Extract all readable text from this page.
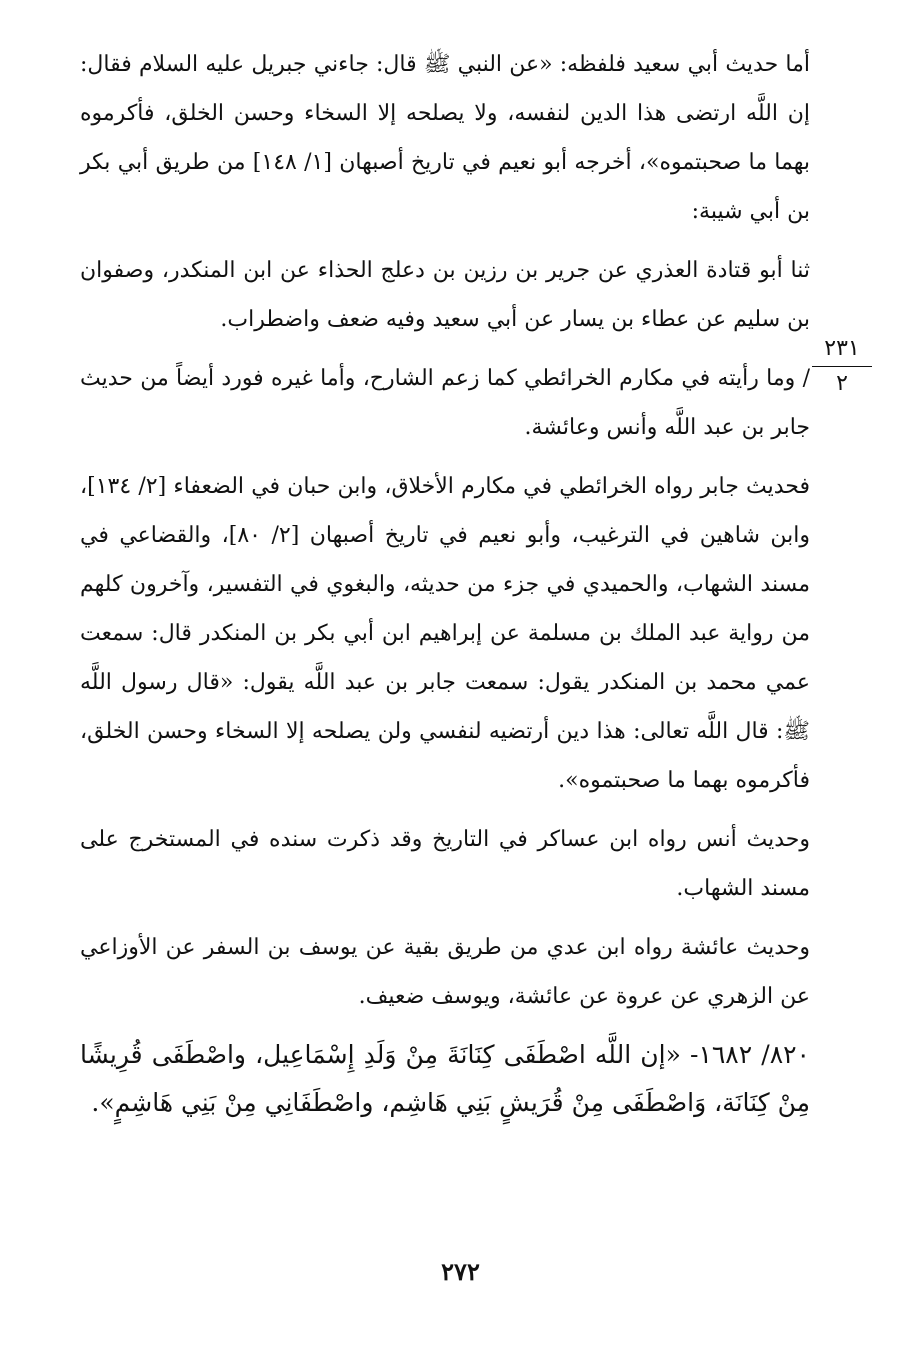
أما حديث أبي سعيد فلفظه: «عن النبي ﷺ قال: جاءني جبريل عليه السلام فقال: إن اللَّه ارتضى هذا الدين لنفسه، ولا يصلحه إلا السخاء وحسن الخلق، فأكرموه بهما ما صحبتموه»، أخرجه أبو نعيم في تاريخ أصبهان [١/ ١٤٨] من طريق أبي بكر بن أبي شيبة:

ثنا أبو قتادة العذري عن جرير بن رزين بن دعلج الحذاء عن ابن المنكدر، وصفوان بن سليم عن عطاء بن يسار عن أبي سعيد وفيه ضعف واضطراب.

/ وما رأيته في مكارم الخرائطي كما زعم الشارح، وأما غيره فورد أيضاً من حديث جابر بن عبد اللَّه وأنس وعائشة.

فحديث جابر رواه الخرائطي في مكارم الأخلاق، وابن حبان في الضعفاء [٢/ ١٣٤]، وابن شاهين في الترغيب، وأبو نعيم في تاريخ أصبهان [٢/ ٨٠]، والقضاعي في مسند الشهاب، والحميدي في جزء من حديثه، والبغوي في التفسير، وآخرون كلهم من رواية عبد الملك بن مسلمة عن إبراهيم ابن أبي بكر بن المنكدر قال: سمعت عمي محمد بن المنكدر يقول: سمعت جابر بن عبد اللَّه يقول: «قال رسول اللَّه ﷺ: قال اللَّه تعالى: هذا دين أرتضيه لنفسي ولن يصلحه إلا السخاء وحسن الخلق، فأكرموه بهما ما صحبتموه».

وحديث أنس رواه ابن عساكر في التاريخ وقد ذكرت سنده في المستخرج على مسند الشهاب.

وحديث عائشة رواه ابن عدي من طريق بقية عن يوسف بن السفر عن الأوزاعي عن الزهري عن عروة عن عائشة، ويوسف ضعيف.

٨٢٠/ ١٦٨٢- «إن اللَّه اصْطَفَى كِنَانَةَ مِنْ وَلَدِ إِسْمَاعِيل، واصْطَفَى قُرِيشًا مِنْ كِنَانَة، وَاصْطَفَى مِنْ قُرَيشٍ بَنِي هَاشِم، واصْطَفَانِي مِنْ بَنِي هَاشِمٍ».

٢٣١
٢
٢٧٢
